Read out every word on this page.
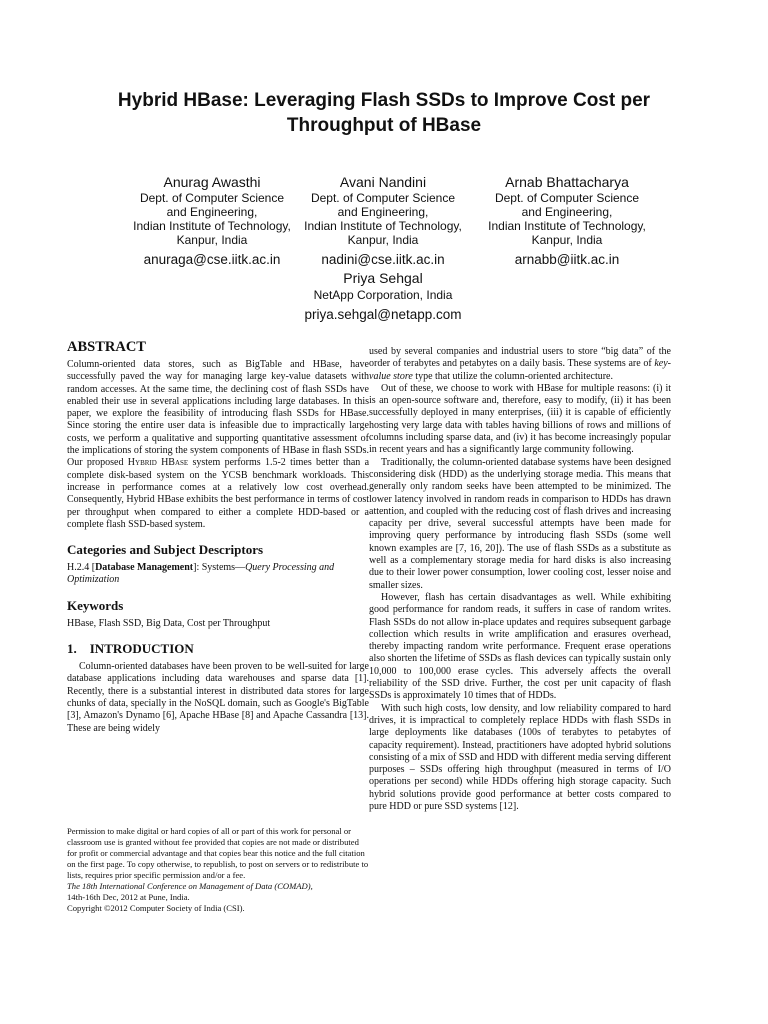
Hybrid HBase: Leveraging Flash SSDs to Improve Cost per
Throughput of HBase
Anurag Awasthi
Dept. of Computer Science
and Engineering,
Indian Institute of Technology,
Kanpur, India
anuraga@cse.iitk.ac.in
Avani Nandini
Dept. of Computer Science
and Engineering,
Indian Institute of Technology,
Kanpur, India
nadini@cse.iitk.ac.in
Arnab Bhattacharya
Dept. of Computer Science
and Engineering,
Indian Institute of Technology,
Kanpur, India
arnabb@iitk.ac.in
Priya Sehgal
NetApp Corporation, India
priya.sehgal@netapp.com
ABSTRACT

Column-oriented data stores, such as BigTable and HBase, have successfully paved the way for managing large key-value datasets with random accesses. At the same time, the declining cost of flash SSDs have enabled their use in several applications including large databases. In this paper, we explore the feasibility of introducing flash SSDs for HBase. Since storing the entire user data is infeasible due to impractically large costs, we perform a qualitative and supporting quantitative assessment of the implications of storing the system components of HBase in flash SSDs. Our proposed Hybrid HBase system performs 1.5-2 times better than a complete disk-based system on the YCSB benchmark workloads. This increase in performance comes at a relatively low cost overhead. Consequently, Hybrid HBase exhibits the best performance in terms of cost per throughput when compared to either a complete HDD-based or a complete flash SSD-based system.

Categories and Subject Descriptors

H.2.4 [Database Management]: Systems—Query Processing and Optimization

Keywords

HBase, Flash SSD, Big Data, Cost per Throughput

1.    INTRODUCTION

Column-oriented databases have been proven to be well-suited for large database applications including data warehouses and sparse data [1]. Recently, there is a substantial interest in distributed data stores for large chunks of data, specially in the NoSQL domain, such as Google's BigTable [3], Amazon's Dynamo [6], Apache HBase [8] and Apache Cassandra [13]. These are being widely

Permission to make digital or hard copies of all or part of this work for personal or classroom use is granted without fee provided that copies are not made or distributed for profit or commercial advantage and that copies bear this notice and the full citation on the first page. To copy otherwise, to republish, to post on servers or to redistribute to lists, requires prior specific permission and/or a fee.
The 18th International Conference on Management of Data (COMAD),
14th-16th Dec, 2012 at Pune, India.
Copyright ©2012 Computer Society of India (CSI).

used by several companies and industrial users to store “big data” of the order of terabytes and petabytes on a daily basis. These systems are of key-value store type that utilize the column-oriented architecture.

Out of these, we choose to work with HBase for multiple reasons: (i) it is an open-source software and, therefore, easy to modify, (ii) it has been successfully deployed in many enterprises, (iii) it is capable of efficiently hosting very large data with tables having billions of rows and millions of columns including sparse data, and (iv) it has become increasingly popular in recent years and has a significantly large community following.

Traditionally, the column-oriented database systems have been designed considering disk (HDD) as the underlying storage media. This means that generally only random seeks have been attempted to be minimized. The lower latency involved in random reads in comparison to HDDs has drawn attention, and coupled with the reducing cost of flash drives and increasing capacity per drive, several successful attempts have been made for improving query performance by introducing flash SSDs (some well known examples are [7, 16, 20]). The use of flash SSDs as a substitute as well as a complementary storage media for hard disks is also increasing due to their lower power consumption, lower cooling cost, lesser noise and smaller sizes.

However, flash has certain disadvantages as well. While exhibiting good performance for random reads, it suffers in case of random writes. Flash SSDs do not allow in-place updates and requires subsequent garbage collection which results in write amplification and erasures overhead, thereby impacting random write performance. Frequent erase operations also shorten the lifetime of SSDs as flash devices can typically sustain only 10,000 to 100,000 erase cycles. This adversely affects the overall reliability of the SSD drive. Further, the cost per unit capacity of flash SSDs is approximately 10 times that of HDDs.

With such high costs, low density, and low reliability compared to hard drives, it is impractical to completely replace HDDs with flash SSDs in large deployments like databases (100s of terabytes to petabytes of capacity requirement). Instead, practitioners have adopted hybrid solutions consisting of a mix of SSD and HDD with different media serving different purposes – SSDs offering high throughput (measured in terms of I/O operations per second) while HDDs offering high storage capacity. Such hybrid solutions provide good performance at better costs compared to pure HDD or pure SSD systems [12].
